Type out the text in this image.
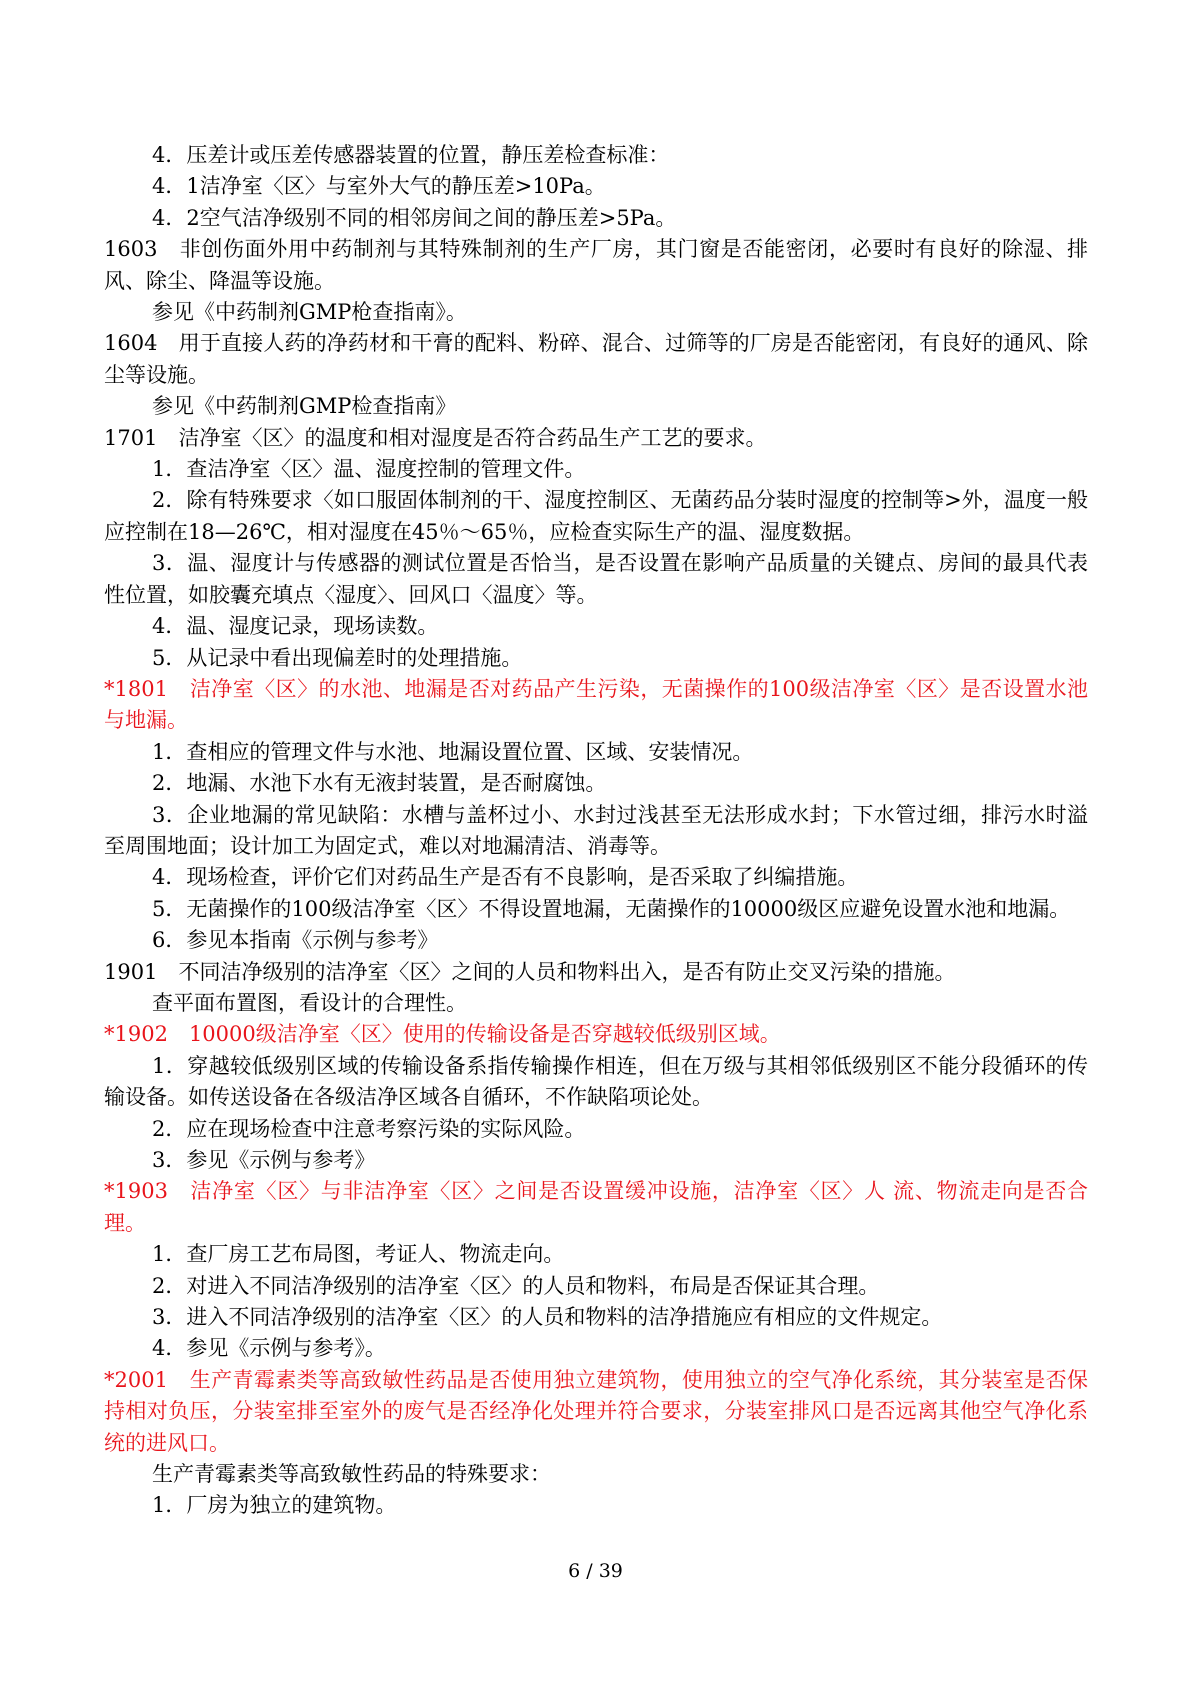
4．压差计或压差传感器装置的位置，静压差检查标准：

4．1洁净室〈区〉与室外大气的静压差>10Pa。

4．2空气洁净级别不同的相邻房间之间的静压差>5Pa。

1603　非创伤面外用中药制剂与其特殊制剂的生产厂房，其门窗是否能密闭，必要时有良好的除湿、排风、除尘、降温等设施。

参见《中药制剂GMP枪查指南》。

1604　用于直接人药的净药材和干膏的配料、粉碎、混合、过筛等的厂房是否能密闭，有良好的通风、除尘等设施。

参见《中药制剂GMP检查指南》

1701　洁净室〈区〉的温度和相对湿度是否符合药品生产工艺的要求。

1．查洁净室〈区〉温、湿度控制的管理文件。

2．除有特殊要求〈如口服固体制剂的干、湿度控制区、无菌药品分装时湿度的控制等>外，温度一般应控制在18—26℃，相对湿度在45％～65％，应检查实际生产的温、湿度数据。

3．温、湿度计与传感器的测试位置是否恰当，是否设置在影响产品质量的关键点、房间的最具代表性位置，如胶囊充填点〈湿度〉、回风口〈温度〉等。

4．温、湿度记录，现场读数。

5．从记录中看出现偏差时的处理措施。

*1801　洁净室〈区〉的水池、地漏是否对药品产生污染，无菌操作的100级洁净室〈区〉是否设置水池与地漏。

1．查相应的管理文件与水池、地漏设置位置、区域、安装情况。

2．地漏、水池下水有无液封装置，是否耐腐蚀。

3．企业地漏的常见缺陷：水槽与盖杯过小、水封过浅甚至无法形成水封；下水管过细，排污水时溢至周围地面；设计加工为固定式，难以对地漏清洁、消毒等。

4．现场检查，评价它们对药品生产是否有不良影响，是否采取了纠编措施。

5．无菌操作的100级洁净室〈区〉不得设置地漏，无菌操作的10000级区应避免设置水池和地漏。

6．参见本指南《示例与参考》

1901　不同洁净级别的洁净室〈区〉之间的人员和物料出入，是否有防止交叉污染的措施。

查平面布置图，看设计的合理性。

*1902　10000级洁净室〈区〉使用的传输设备是否穿越较低级别区域。

1．穿越较低级别区域的传输设备系指传输操作相连，但在万级与其相邻低级别区不能分段循环的传输设备。如传送设备在各级洁净区域各自循环，不作缺陷项论处。

2．应在现场检查中注意考察污染的实际风险。

3．参见《示例与参考》

*1903　洁净室〈区〉与非洁净室〈区〉之间是否设置缓冲设施，洁净室〈区〉人 流、物流走向是否合理。

1．查厂房工艺布局图，考证人、物流走向。

2．对进入不同洁净级别的洁净室〈区〉的人员和物料，布局是否保证其合理。

3．进入不同洁净级别的洁净室〈区〉的人员和物料的洁净措施应有相应的文件规定。

4．参见《示例与参考》。

*2001　生产青霉素类等高致敏性药品是否使用独立建筑物，使用独立的空气净化系统，其分装室是否保持相对负压，分装室排至室外的废气是否经净化处理并符合要求，分装室排风口是否远离其他空气净化系统的进风口。

生产青霉素类等高致敏性药品的特殊要求：

1．厂房为独立的建筑物。

6 / 39
